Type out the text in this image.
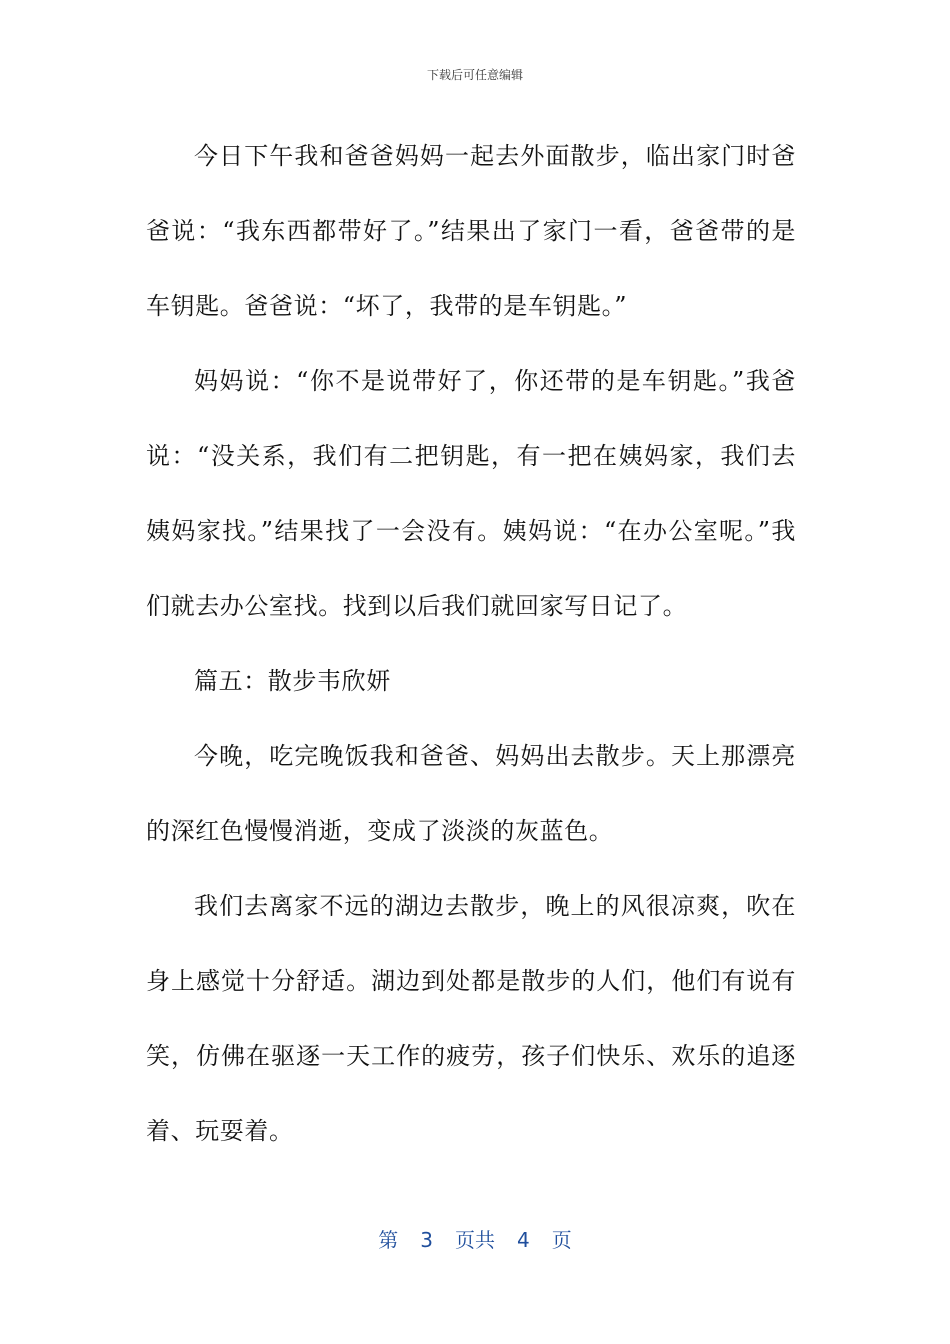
下载后可任意编辑

今日下午我和爸爸妈妈一起去外面散步，临出家门时爸爸说：“我东西都带好了。”结果出了家门一看，爸爸带的是车钥匙。爸爸说：“坏了，我带的是车钥匙。”

妈妈说：“你不是说带好了，你还带的是车钥匙。”我爸说：“没关系，我们有二把钥匙，有一把在姨妈家，我们去姨妈家找。”结果找了一会没有。姨妈说：“在办公室呢。”我们就去办公室找。找到以后我们就回家写日记了。

篇五：散步韦欣妍

今晚，吃完晚饭我和爸爸、妈妈出去散步。天上那漂亮的深红色慢慢消逝，变成了淡淡的灰蓝色。

我们去离家不远的湖边去散步，晚上的风很凉爽，吹在身上感觉十分舒适。湖边到处都是散步的人们，他们有说有笑，仿佛在驱逐一天工作的疲劳，孩子们快乐、欢乐的追逐着、玩耍着。

第 3 页共 4 页
